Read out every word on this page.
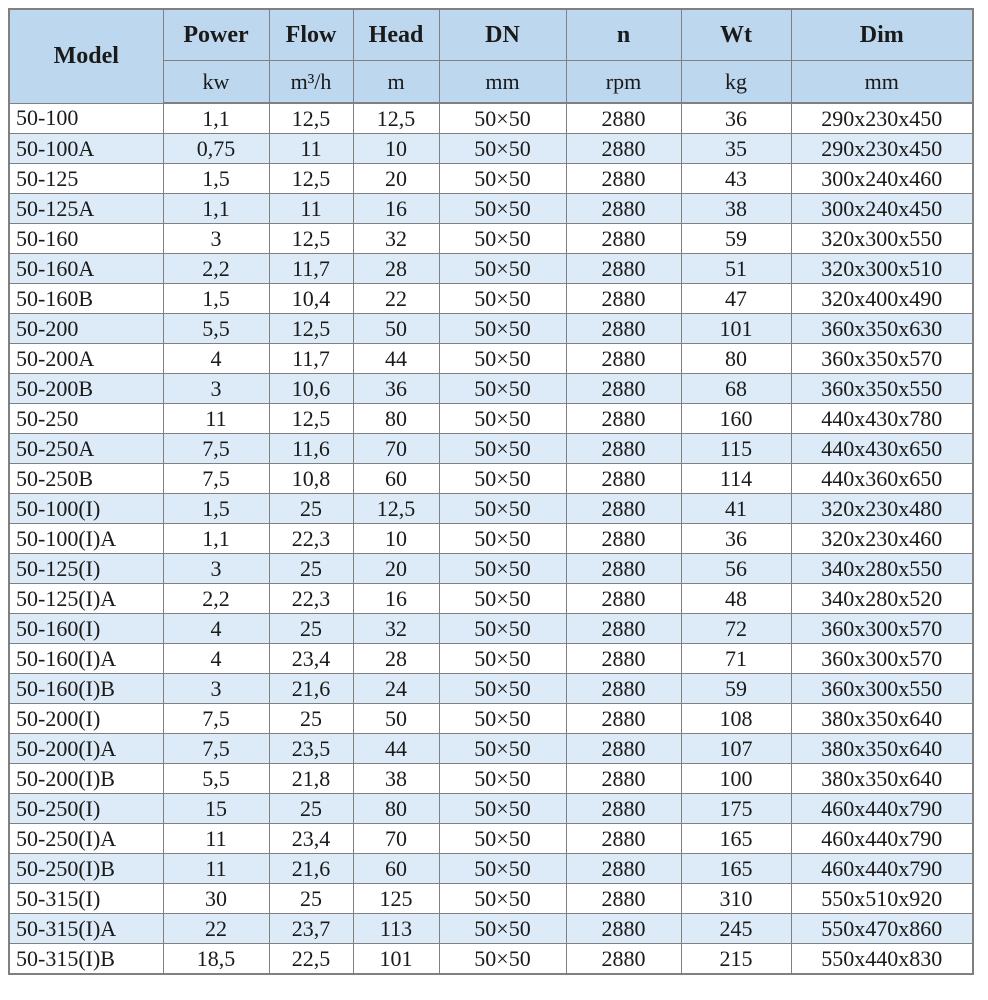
Model	Power	Flow	Head	DN	n	Wt	Dim
	kw	m³/h	m	mm	rpm	kg	mm
50-100	1,1	12,5	12,5	50×50	2880	36	290x230x450
50-100A	0,75	11	10	50×50	2880	35	290x230x450
50-125	1,5	12,5	20	50×50	2880	43	300x240x460
50-125A	1,1	11	16	50×50	2880	38	300x240x450
50-160	3	12,5	32	50×50	2880	59	320x300x550
50-160A	2,2	11,7	28	50×50	2880	51	320x300x510
50-160B	1,5	10,4	22	50×50	2880	47	320x400x490
50-200	5,5	12,5	50	50×50	2880	101	360x350x630
50-200A	4	11,7	44	50×50	2880	80	360x350x570
50-200B	3	10,6	36	50×50	2880	68	360x350x550
50-250	11	12,5	80	50×50	2880	160	440x430x780
50-250A	7,5	11,6	70	50×50	2880	115	440x430x650
50-250B	7,5	10,8	60	50×50	2880	114	440x360x650
50-100(I)	1,5	25	12,5	50×50	2880	41	320x230x480
50-100(I)A	1,1	22,3	10	50×50	2880	36	320x230x460
50-125(I)	3	25	20	50×50	2880	56	340x280x550
50-125(I)A	2,2	22,3	16	50×50	2880	48	340x280x520
50-160(I)	4	25	32	50×50	2880	72	360x300x570
50-160(I)A	4	23,4	28	50×50	2880	71	360x300x570
50-160(I)B	3	21,6	24	50×50	2880	59	360x300x550
50-200(I)	7,5	25	50	50×50	2880	108	380x350x640
50-200(I)A	7,5	23,5	44	50×50	2880	107	380x350x640
50-200(I)B	5,5	21,8	38	50×50	2880	100	380x350x640
50-250(I)	15	25	80	50×50	2880	175	460x440x790
50-250(I)A	11	23,4	70	50×50	2880	165	460x440x790
50-250(I)B	11	21,6	60	50×50	2880	165	460x440x790
50-315(I)	30	25	125	50×50	2880	310	550x510x920
50-315(I)A	22	23,7	113	50×50	2880	245	550x470x860
50-315(I)B	18,5	22,5	101	50×50	2880	215	550x440x830
